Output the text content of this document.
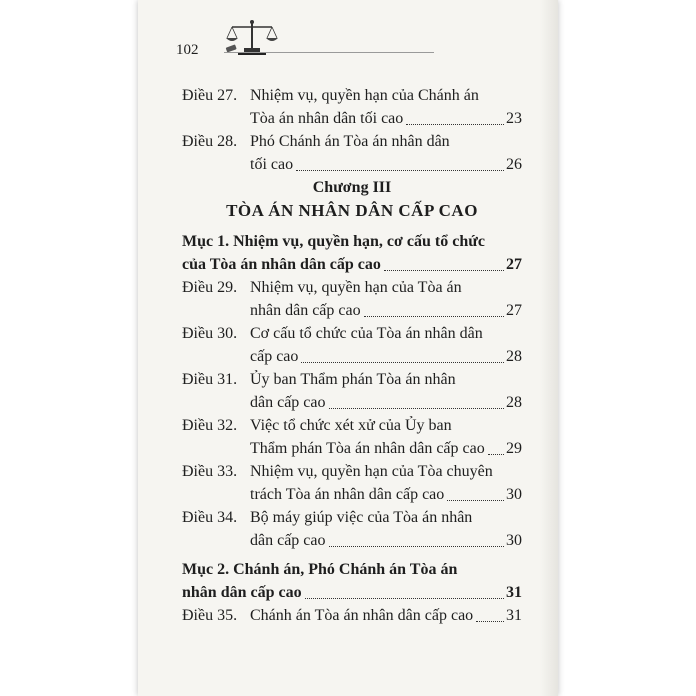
102
Điều 27. Nhiệm vụ, quyền hạn của Chánh án
Tòa án nhân dân tối cao	23
Điều 28. Phó Chánh án Tòa án nhân dân
tối cao	26
Chương III
TÒA ÁN NHÂN DÂN CẤP CAO
Mục 1. Nhiệm vụ, quyền hạn, cơ cấu tổ chức
của Tòa án nhân dân cấp cao	27
Điều 29. Nhiệm vụ, quyền hạn của Tòa án
nhân dân cấp cao	27
Điều 30. Cơ cấu tổ chức của Tòa án nhân dân
cấp cao	28
Điều 31. Ủy ban Thẩm phán Tòa án nhân
dân cấp cao	28
Điều 32. Việc tổ chức xét xử của Ủy ban
Thẩm phán Tòa án nhân dân cấp cao 29
Điều 33. Nhiệm vụ, quyền hạn của Tòa chuyên
trách Tòa án nhân dân cấp cao	30
Điều 34. Bộ máy giúp việc của Tòa án nhân
dân cấp cao	30
Mục 2. Chánh án, Phó Chánh án Tòa án
nhân dân cấp cao	31
Điều 35. Chánh án Tòa án nhân dân cấp cao 31
